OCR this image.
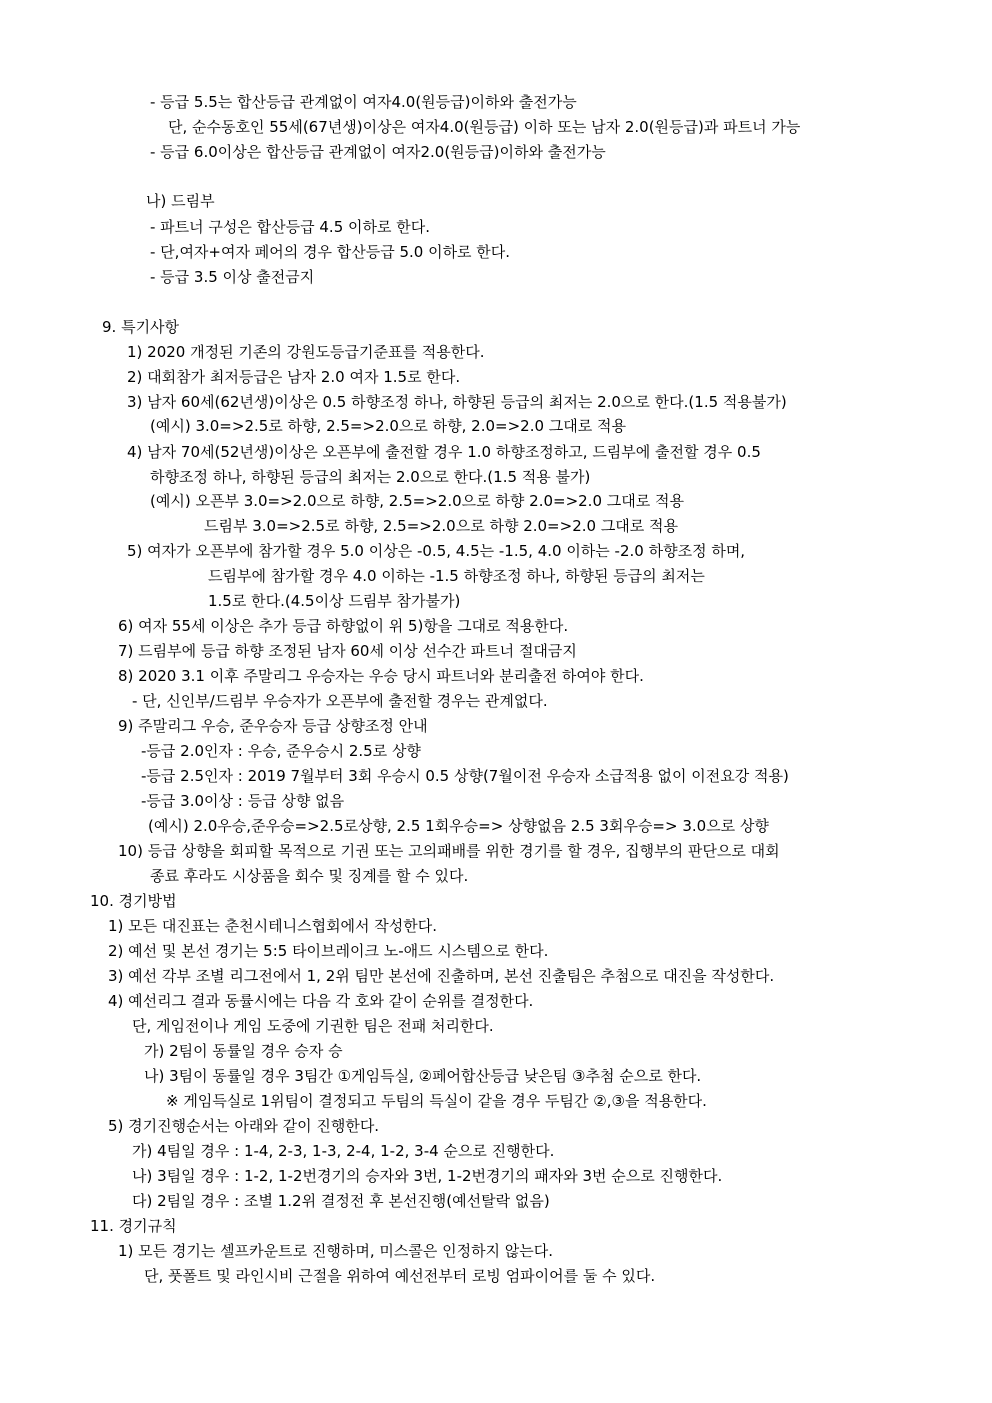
- 등급 5.5는 합산등급 관계없이 여자4.0(원등급)이하와 출전가능

단, 순수동호인 55세(67년생)이상은 여자4.0(원등급) 이하 또는 남자 2.0(원등급)과 파트너 가능

- 등급 6.0이상은 합산등급 관계없이 여자2.0(원등급)이하와 출전가능

나) 드림부

- 파트너 구성은 합산등급 4.5 이하로 한다.

- 단,여자+여자 페어의 경우 합산등급 5.0 이하로 한다.

- 등급 3.5 이상 출전금지

9. 특기사항

1) 2020 개정된 기존의 강원도등급기준표를 적용한다.

2) 대회참가 최저등급은 남자 2.0 여자 1.5로 한다.

3) 남자 60세(62년생)이상은 0.5 하향조정 하나, 하향된 등급의 최저는 2.0으로 한다.(1.5 적용불가)

(예시) 3.0=>2.5로 하향, 2.5=>2.0으로 하향, 2.0=>2.0 그대로 적용

4) 남자 70세(52년생)이상은 오픈부에 출전할 경우 1.0 하향조정하고, 드림부에 출전할 경우 0.5

하향조정 하나, 하향된 등급의 최저는 2.0으로 한다.(1.5 적용 불가)

(예시) 오픈부 3.0=>2.0으로 하향, 2.5=>2.0으로 하향 2.0=>2.0 그대로 적용

드림부 3.0=>2.5로 하향, 2.5=>2.0으로 하향 2.0=>2.0 그대로 적용

5) 여자가 오픈부에 참가할 경우 5.0 이상은 -0.5, 4.5는 -1.5, 4.0 이하는 -2.0 하향조정 하며,

드림부에 참가할 경우 4.0 이하는 -1.5 하향조정 하나, 하향된 등급의 최저는

1.5로 한다.(4.5이상 드림부 참가불가)

6) 여자 55세 이상은 추가 등급 하향없이 위 5)항을 그대로 적용한다.

7) 드림부에 등급 하향 조정된 남자 60세 이상 선수간 파트너 절대금지

8) 2020 3.1 이후 주말리그 우승자는 우승 당시 파트너와 분리출전 하여야 한다.

- 단, 신인부/드림부 우승자가 오픈부에 출전할 경우는 관계없다.

9) 주말리그 우승, 준우승자 등급 상향조정 안내

-등급 2.0인자 : 우승, 준우승시 2.5로 상향

-등급 2.5인자 : 2019 7월부터 3회 우승시 0.5 상향(7월이전 우승자 소급적용 없이 이전요강 적용)

-등급 3.0이상 : 등급 상향 없음

(예시) 2.0우승,준우승=>2.5로상향, 2.5 1회우승=> 상향없음 2.5 3회우승=> 3.0으로 상향

10) 등급 상향을 회피할 목적으로 기권 또는 고의패배를 위한 경기를 할 경우, 집행부의 판단으로 대회

종료 후라도 시상품을 회수 및 징계를 할 수 있다.

10. 경기방법

1) 모든 대진표는 춘천시테니스협회에서 작성한다.

2) 예선 및 본선 경기는 5:5 타이브레이크 노-애드 시스템으로 한다.

3) 예선 각부 조별 리그전에서 1, 2위 팀만 본선에 진출하며, 본선 진출팀은 추첨으로 대진을 작성한다.

4) 예선리그 결과 동률시에는 다음 각 호와 같이 순위를 결정한다.

단, 게임전이나 게임 도중에 기권한 팀은 전패 처리한다.

가) 2팀이 동률일 경우 승자 승

나) 3팀이 동률일 경우 3팀간 ①게임득실, ②페어합산등급 낮은팀 ③추첨 순으로 한다.

※ 게임득실로 1위팀이 결정되고 두팀의 득실이 같을 경우 두팀간 ②,③을 적용한다.

5) 경기진행순서는 아래와 같이 진행한다.

가) 4팀일 경우 : 1-4, 2-3, 1-3, 2-4, 1-2, 3-4 순으로 진행한다.

나) 3팀일 경우 : 1-2, 1-2번경기의 승자와 3번, 1-2번경기의 패자와 3번 순으로 진행한다.

다) 2팀일 경우 : 조별 1.2위 결정전 후 본선진행(예선탈락 없음)

11. 경기규칙

1) 모든 경기는 셀프카운트로 진행하며, 미스콜은 인정하지 않는다.

단, 풋폴트 및 라인시비 근절을 위하여 예선전부터 로빙 엄파이어를 둘 수 있다.
